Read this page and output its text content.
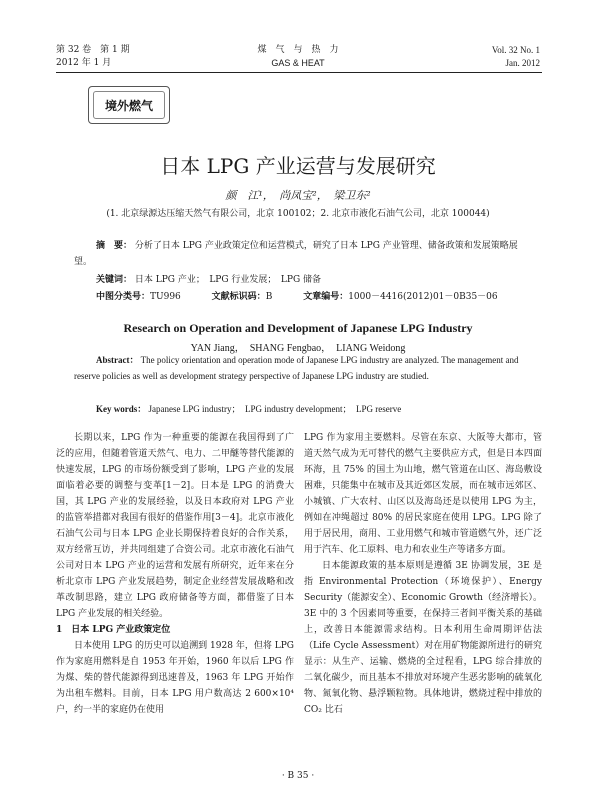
第 32 卷　第 1 期
2012 年 1 月
煤　气　与　热　力
GAS & HEAT
Vol. 32 No. 1
Jan. 2012
境外燃气
日本 LPG 产业运营与发展研究
颜　江¹，　尚凤宝²，　梁卫东²
(1. 北京绿源达压缩天然气有限公司，北京 100102；2. 北京市液化石油气公司，北京 100044)
摘　要： 分析了日本 LPG 产业政策定位和运营模式，研究了日本 LPG 产业管理、储备政策和发展策略展望。
关键词： 日本 LPG 产业；　LPG 行业发展；　LPG 储备
中图分类号：TU996	文献标识码：B	文章编号：1000－4416(2012)01－0B35－06
Research on Operation and Development of Japanese LPG Industry
YAN Jiang，　SHANG Fengbao，　LIANG Weidong
Abstract： The policy orientation and operation mode of Japanese LPG industry are analyzed. The management and reserve policies as well as development strategy perspective of Japanese LPG industry are studied.
Key words： Japanese LPG industry；　LPG industry development；　LPG reserve

长期以来，LPG 作为一种重要的能源在我国得到了广泛的应用，但随着管道天然气、电力、二甲醚等替代能源的快速发展，LPG 的市场份额受到了影响，LPG 产业的发展面临着必要的调整与变革[1－2]。日本是 LPG 的消费大国，其 LPG 产业的发展经验，以及日本政府对 LPG 产业的监管举措都对我国有很好的借鉴作用[3－4]。北京市液化石油气公司与日本 LPG 企业长期保持着良好的合作关系，双方经常互访，并共同组建了合资公司。北京市液化石油气公司对日本 LPG 产业的运营和发展有所研究，近年来在分析北京市 LPG 产业发展趋势，制定企业经营发展战略和改革改制思路，建立 LPG 政府储备等方面，都借鉴了日本 LPG 产业发展的相关经验。

1　日本 LPG 产业政策定位

日本使用 LPG 的历史可以追溯到 1928 年，但将 LPG 作为家庭用燃料是自 1953 年开始，1960 年以后 LPG 作为煤、柴的替代能源得到迅速普及，1963 年 LPG 开始作为出租车燃料。目前，日本 LPG 用户数高达 2 600×10⁴ 户，约一半的家庭仍在使用

LPG 作为家用主要燃料。尽管在东京、大阪等大都市，管道天然气成为无可替代的燃气主要供应方式，但是日本四面环海，且 75% 的国土为山地，燃气管道在山区、海岛敷设困难，只能集中在城市及其近郊区发展，而在城市远郊区、小城镇、广大农村、山区以及海岛还是以使用 LPG 为主，例如在冲绳超过 80% 的居民家庭在使用 LPG。LPG 除了用于居民用，商用、工业用燃气和城市管道燃气外，还广泛用于汽车、化工原料、电力和农业生产等诸多方面。

日本能源政策的基本原则是遵循 3E 协调发展，3E 是指 Environmental Protection（环境保护）、Energy Security（能源安全）、Economic Growth（经济增长）。3E 中的 3 个因素同等重要，在保持三者间平衡关系的基础上，改善日本能源需求结构。日本利用生命周期评估法（Life Cycle Assessment）对在用矿物能源所进行的研究显示：从生产、运输、燃烧的全过程看，LPG 综合排放的二氧化碳少，而且基本不排放对环境产生恶劣影响的硫氧化物、氮氧化物、悬浮颗粒物。具体地讲，燃烧过程中排放的 CO₂ 比石

· B 35 ·
